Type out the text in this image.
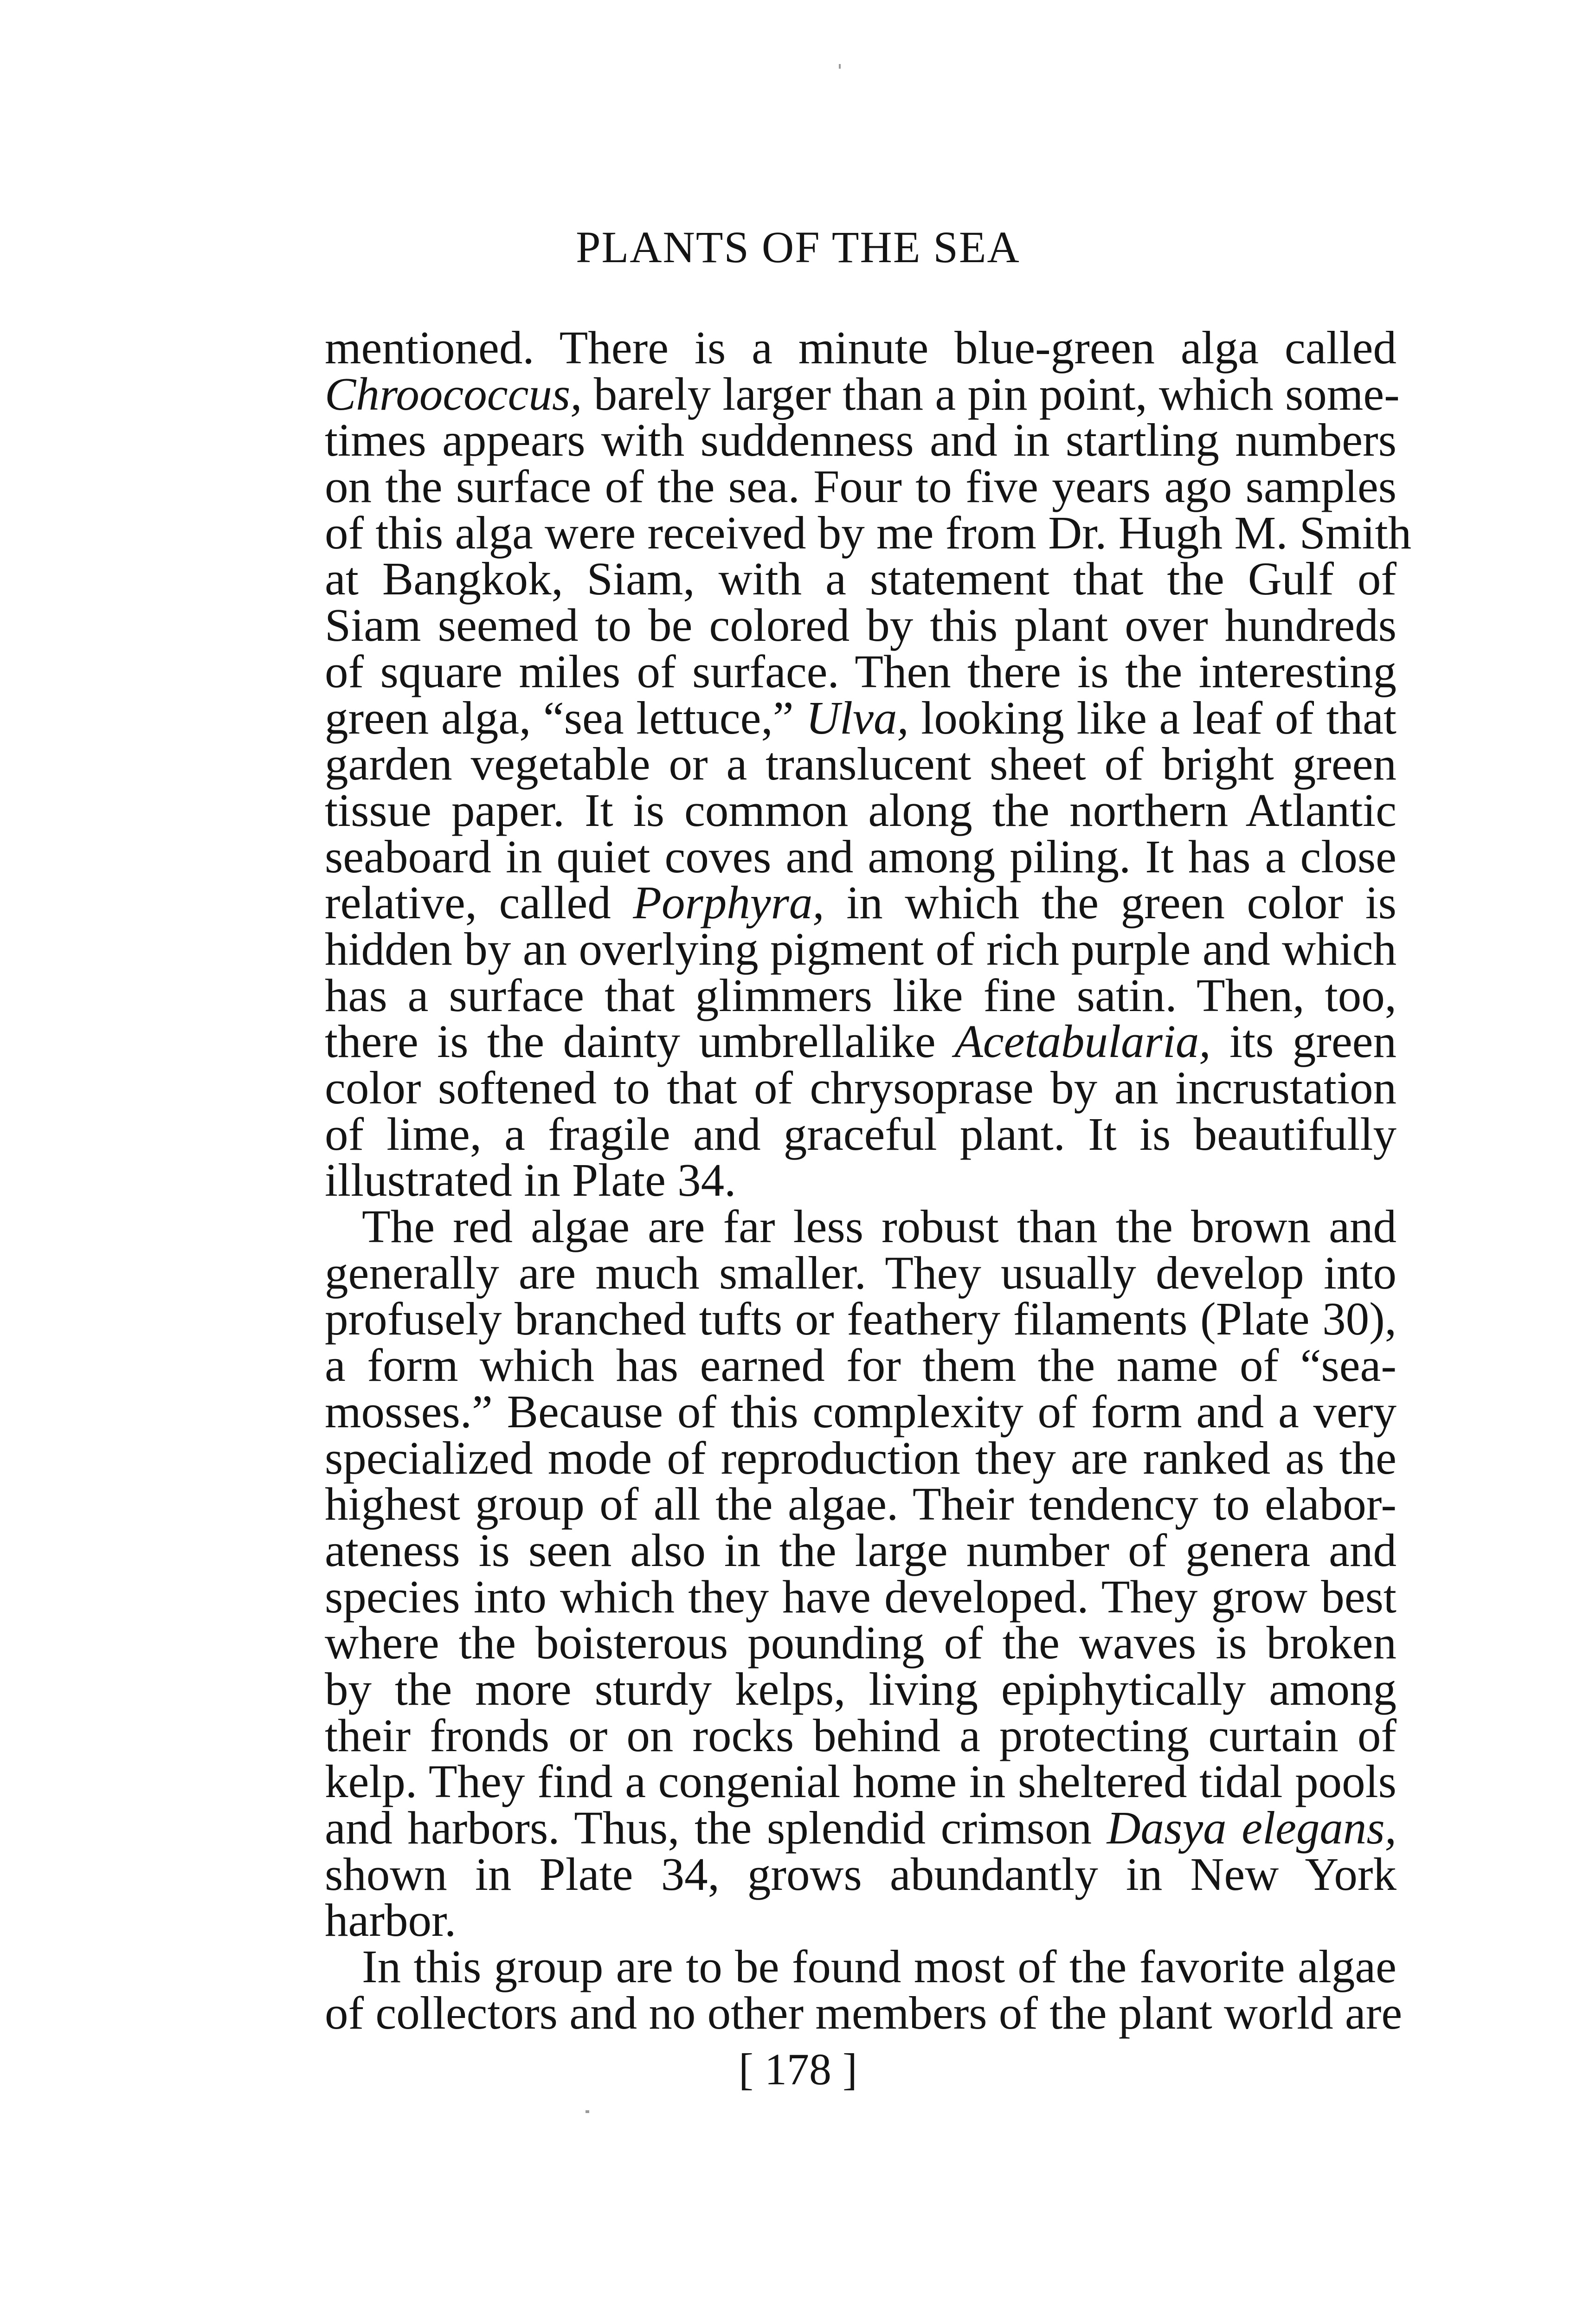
PLANTS OF THE SEA
mentioned. There is a minute blue-green alga called
Chroococcus, barely larger than a pin point, which some-
times appears with suddenness and in startling numbers
on the surface of the sea. Four to five years ago samples
of this alga were received by me from Dr. Hugh M. Smith
at Bangkok, Siam, with a statement that the Gulf of
Siam seemed to be colored by this plant over hundreds
of square miles of surface. Then there is the interesting
green alga, “sea lettuce,” Ulva, looking like a leaf of that
garden vegetable or a translucent sheet of bright green
tissue paper. It is common along the northern Atlantic
seaboard in quiet coves and among piling. It has a close
relative, called Porphyra, in which the green color is
hidden by an overlying pigment of rich purple and which
has a surface that glimmers like fine satin. Then, too,
there is the dainty umbrellalike Acetabularia, its green
color softened to that of chrysoprase by an incrustation
of lime, a fragile and graceful plant. It is beautifully
illustrated in Plate 34.
The red algae are far less robust than the brown and
generally are much smaller. They usually develop into
profusely branched tufts or feathery filaments (Plate 30),
a form which has earned for them the name of “sea-
mosses.” Because of this complexity of form and a very
specialized mode of reproduction they are ranked as the
highest group of all the algae. Their tendency to elabor-
ateness is seen also in the large number of genera and
species into which they have developed. They grow best
where the boisterous pounding of the waves is broken
by the more sturdy kelps, living epiphytically among
their fronds or on rocks behind a protecting curtain of
kelp. They find a congenial home in sheltered tidal pools
and harbors. Thus, the splendid crimson Dasya elegans,
shown in Plate 34, grows abundantly in New York
harbor.
In this group are to be found most of the favorite algae
of collectors and no other members of the plant world are
[ 178 ]
